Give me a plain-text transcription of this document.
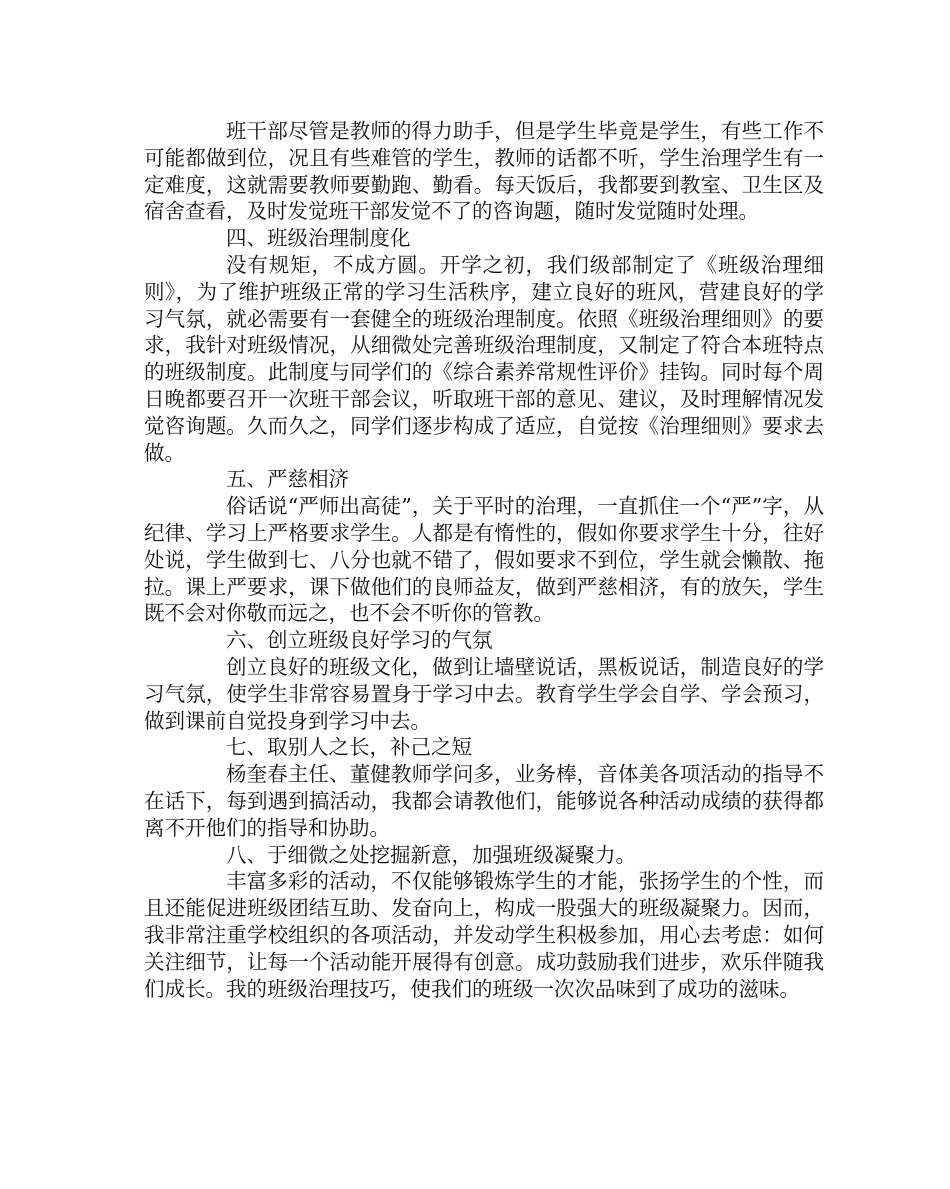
班干部尽管是教师的得力助手，但是学生毕竟是学生，有些工作不可能都做到位，况且有些难管的学生，教师的话都不听，学生治理学生有一定难度，这就需要教师要勤跑、勤看。每天饭后，我都要到教室、卫生区及宿舍查看，及时发觉班干部发觉不了的咨询题，随时发觉随时处理。

四、班级治理制度化

没有规矩，不成方圆。开学之初，我们级部制定了《班级治理细则》，为了维护班级正常的学习生活秩序，建立良好的班风，营建良好的学习气氛，就必需要有一套健全的班级治理制度。依照《班级治理细则》的要求，我针对班级情况，从细微处完善班级治理制度，又制定了符合本班特点的班级制度。此制度与同学们的《综合素养常规性评价》挂钩。同时每个周日晚都要召开一次班干部会议，听取班干部的意见、建议，及时理解情况发觉咨询题。久而久之，同学们逐步构成了适应，自觉按《治理细则》要求去做。

五、严慈相济

俗话说“严师出高徒”，关于平时的治理，一直抓住一个“严”字，从纪律、学习上严格要求学生。人都是有惰性的，假如你要求学生十分，往好处说，学生做到七、八分也就不错了，假如要求不到位，学生就会懒散、拖拉。课上严要求，课下做他们的良师益友，做到严慈相济，有的放矢，学生既不会对你敬而远之，也不会不听你的管教。

六、创立班级良好学习的气氛

创立良好的班级文化，做到让墙壁说话，黑板说话，制造良好的学习气氛，使学生非常容易置身于学习中去。教育学生学会自学、学会预习，做到课前自觉投身到学习中去。

七、取别人之长，补己之短

杨奎春主任、董健教师学问多，业务棒，音体美各项活动的指导不在话下，每到遇到搞活动，我都会请教他们，能够说各种活动成绩的获得都离不开他们的指导和协助。

八、于细微之处挖掘新意，加强班级凝聚力。

丰富多彩的活动，不仅能够锻炼学生的才能，张扬学生的个性，而且还能促进班级团结互助、发奋向上，构成一股强大的班级凝聚力。因而，我非常注重学校组织的各项活动，并发动学生积极参加，用心去考虑：如何关注细节，让每一个活动能开展得有创意。成功鼓励我们进步，欢乐伴随我们成长。我的班级治理技巧，使我们的班级一次次品味到了成功的滋味。
